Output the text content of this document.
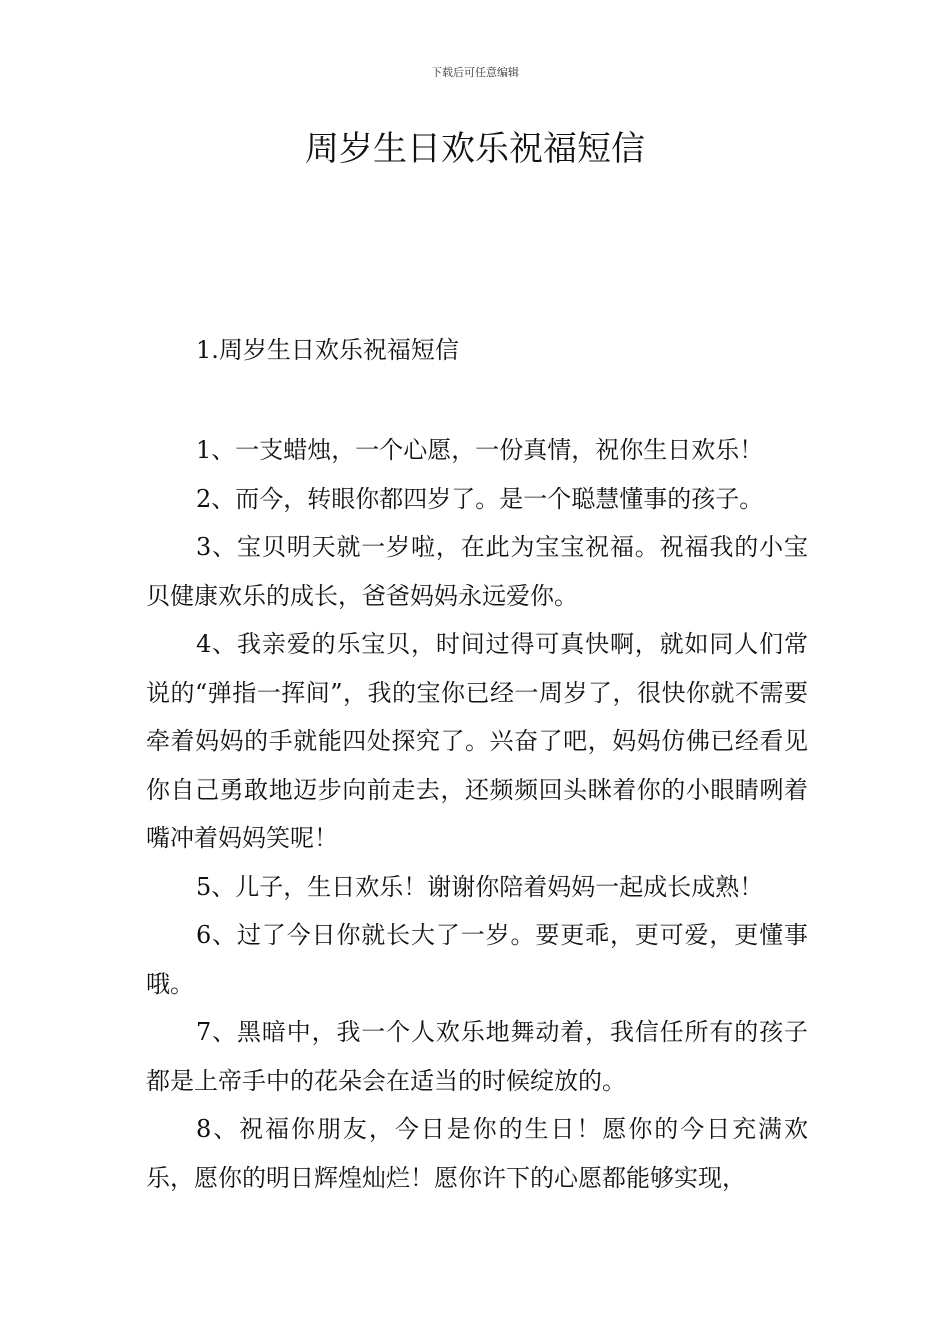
下载后可任意编辑
周岁生日欢乐祝福短信
1.周岁生日欢乐祝福短信

1、一支蜡烛，一个心愿，一份真情，祝你生日欢乐！

2、而今，转眼你都四岁了。是一个聪慧懂事的孩子。

3、宝贝明天就一岁啦，在此为宝宝祝福。祝福我的小宝贝健康欢乐的成长，爸爸妈妈永远爱你。

4、我亲爱的乐宝贝，时间过得可真快啊，就如同人们常说的“弹指一挥间”，我的宝你已经一周岁了，很快你就不需要牵着妈妈的手就能四处探究了。兴奋了吧，妈妈仿佛已经看见你自己勇敢地迈步向前走去，还频频回头眯着你的小眼睛咧着嘴冲着妈妈笑呢！

5、儿子，生日欢乐！谢谢你陪着妈妈一起成长成熟！

6、过了今日你就长大了一岁。要更乖，更可爱，更懂事哦。

7、黑暗中，我一个人欢乐地舞动着，我信任所有的孩子都是上帝手中的花朵会在适当的时候绽放的。

8、祝福你朋友，今日是你的生日！愿你的今日充满欢乐，愿你的明日辉煌灿烂！愿你许下的心愿都能够实现，
